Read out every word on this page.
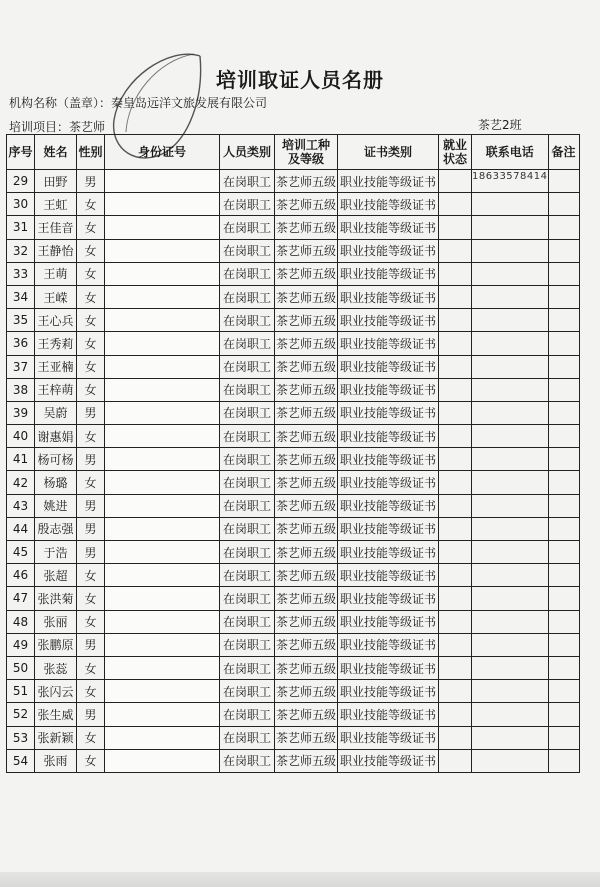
培训取证人员名册
机构名称（盖章）：秦皇岛远洋文旅发展有限公司
培训项目：茶艺师	茶艺2班
序号	姓名	性别	身份证号	人员类别	培训工种及等级	证书类别	就业状态	联系电话	备注
29	田野	男		在岗职工	茶艺师五级	职业技能等级证书		18633578414	

30	王虹	女		在岗职工	茶艺师五级	职业技能等级证书			
31	王佳音	女		在岗职工	茶艺师五级	职业技能等级证书			
32	王静怡	女		在岗职工	茶艺师五级	职业技能等级证书			
33	王萌	女		在岗职工	茶艺师五级	职业技能等级证书			
34	王嵘	女		在岗职工	茶艺师五级	职业技能等级证书			
35	王心兵	女		在岗职工	茶艺师五级	职业技能等级证书			
36	王秀莉	女		在岗职工	茶艺师五级	职业技能等级证书			
37	王亚楠	女		在岗职工	茶艺师五级	职业技能等级证书			
38	王梓萌	女		在岗职工	茶艺师五级	职业技能等级证书			
39	吴蔚	男		在岗职工	茶艺师五级	职业技能等级证书			
40	谢惠娟	女		在岗职工	茶艺师五级	职业技能等级证书			
41	杨可杨	男		在岗职工	茶艺师五级	职业技能等级证书			
42	杨璐	女		在岗职工	茶艺师五级	职业技能等级证书			
43	姚进	男		在岗职工	茶艺师五级	职业技能等级证书			
44	殷志强	男		在岗职工	茶艺师五级	职业技能等级证书			
45	于浩	男		在岗职工	茶艺师五级	职业技能等级证书			
46	张超	女		在岗职工	茶艺师五级	职业技能等级证书			
47	张洪菊	女		在岗职工	茶艺师五级	职业技能等级证书			
48	张丽	女		在岗职工	茶艺师五级	职业技能等级证书			
49	张鹏原	男		在岗职工	茶艺师五级	职业技能等级证书			
50	张蕊	女		在岗职工	茶艺师五级	职业技能等级证书			
51	张闪云	女		在岗职工	茶艺师五级	职业技能等级证书			
52	张生威	男		在岗职工	茶艺师五级	职业技能等级证书			
53	张新颖	女		在岗职工	茶艺师五级	职业技能等级证书			
54	张雨	女		在岗职工	茶艺师五级	职业技能等级证书			
